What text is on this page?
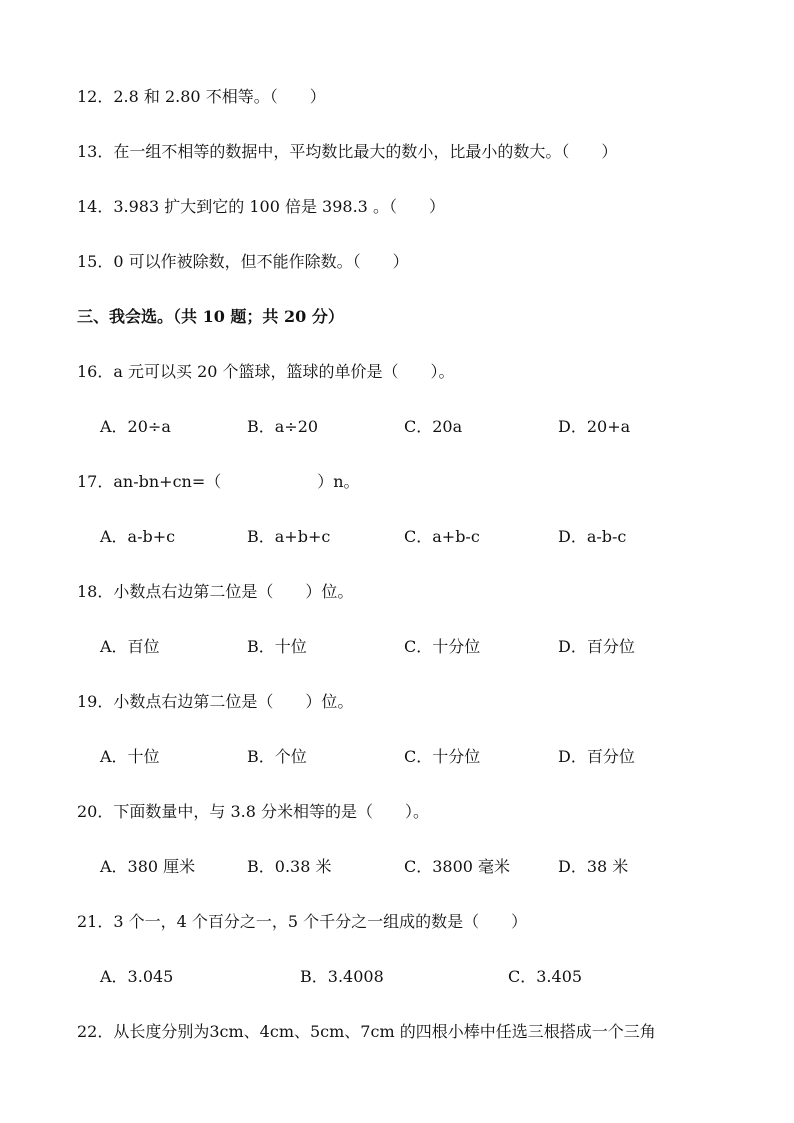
12．2.8 和 2.80 不相等。（　　）
13．在一组不相等的数据中，平均数比最大的数小，比最小的数大。（　　）
14．3.983 扩大到它的 100 倍是 398.3 。（　　）
15．0 可以作被除数，但不能作除数。（　　）
三、我会选。（共 10 题；共 20 分）
16．a 元可以买 20 个篮球，篮球的单价是（　　）。
A．20÷a	B．a÷20	C．20a	D．20+a
17．an-bn+cn=（　　　　　　）n。
A．a-b+c	B．a+b+c	C．a+b-c	D．a-b-c
18．小数点右边第二位是（　　）位。
A．百位	B．十位	C．十分位	D．百分位
19．小数点右边第二位是（　　）位。
A．十位	B．个位	C．十分位	D．百分位
20．下面数量中，与 3.8 分米相等的是（　　）。
A．380 厘米	B．0.38 米	C．3800 毫米	D．38 米
21．3 个一，4 个百分之一，5 个千分之一组成的数是（　　）
A．3.045	B．3.4008	C．3.405
22．从长度分别为3cm、4cm、5cm、7cm 的四根小棒中任选三根搭成一个三角
